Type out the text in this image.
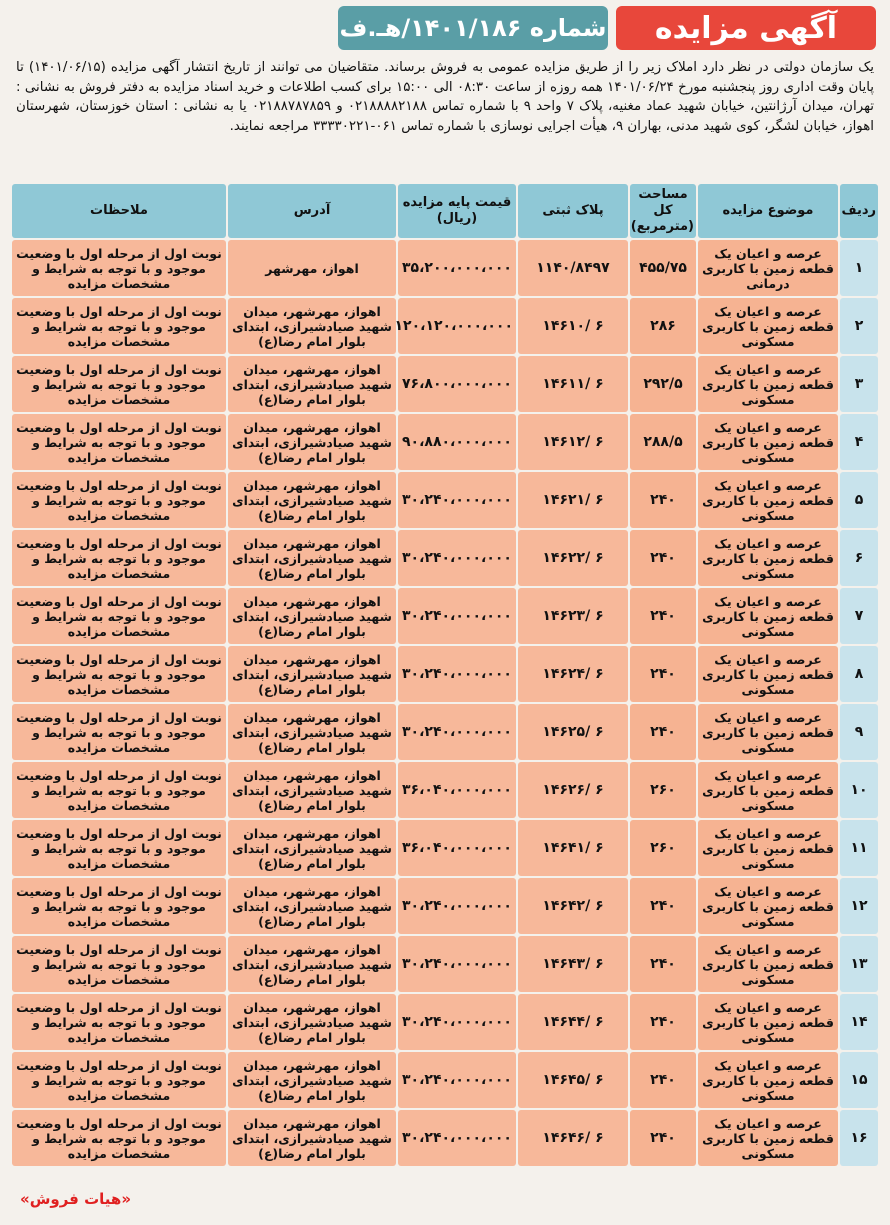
آگهی مزایده
شماره ۱۴۰۱/۱۸۶/هـ.ف
یک سازمان دولتی در نظر دارد املاک زیر را از طریق مزایده عمومی به فروش برساند. متقاضیان می توانند از تاریخ انتشار آگهی مزایده (۱۴۰۱/۰۶/۱۵) تا پایان وقت اداری روز پنجشنبه مورخ ۱۴۰۱/۰۶/۲۴ همه روزه از ساعت ۰۸:۳۰ الی ۱۵:۰۰ برای کسب اطلاعات و خرید اسناد مزایده به دفتر فروش به نشانی : تهران، میدان آرژانتین، خیابان شهید عماد مغنیه، پلاک ۷ واحد ۹ با شماره تماس ۰۲۱۸۸۸۸۲۱۸۸ و ۰۲۱۸۸۷۸۷۸۵۹ یا به نشانی : استان خوزستان، شهرستان اهواز، خیابان لشگر، کوی شهید مدنی، بهاران ۹، هیأت اجرایی نوسازی با شماره تماس ۰۶۱-۳۳۳۳۰۲۲۱ مراجعه نمایند.
ردیف	موضوع مزایده	مساحت کل (مترمربع)	پلاک ثبتی	قیمت پایه مزایده (ریال)	آدرس	ملاحظات
۱	عرصه و اعیان یک قطعه زمین با کاربری درمانی	۴۵۵/۷۵	۱۱۴۰/۸۴۹۷	۳۵،۲۰۰،۰۰۰،۰۰۰	اهواز، مهرشهر	نوبت اول از مرحله اول با وضعیت موجود و با توجه به شرایط و مشخصات مزایده
۲	عرصه و اعیان یک قطعه زمین با کاربری مسکونی	۲۸۶	۶ /۱۴۶۱۰	۱۲۰،۱۲۰،۰۰۰،۰۰۰	اهواز، مهرشهر، میدان شهید صیادشیرازی، ابتدای بلوار امام رضا(ع)	نوبت اول از مرحله اول با وضعیت موجود و با توجه به شرایط و مشخصات مزایده
۳	عرصه و اعیان یک قطعه زمین با کاربری مسکونی	۲۹۲/۵	۶ /۱۴۶۱۱	۷۶،۸۰۰،۰۰۰،۰۰۰	اهواز، مهرشهر، میدان شهید صیادشیرازی، ابتدای بلوار امام رضا(ع)	نوبت اول از مرحله اول با وضعیت موجود و با توجه به شرایط و مشخصات مزایده
۴	عرصه و اعیان یک قطعه زمین با کاربری مسکونی	۲۸۸/۵	۶ /۱۴۶۱۲	۹۰،۸۸۰،۰۰۰،۰۰۰	اهواز، مهرشهر، میدان شهید صیادشیرازی، ابتدای بلوار امام رضا(ع)	نوبت اول از مرحله اول با وضعیت موجود و با توجه به شرایط و مشخصات مزایده
۵	عرصه و اعیان یک قطعه زمین با کاربری مسکونی	۲۴۰	۶ /۱۴۶۲۱	۳۰،۲۴۰،۰۰۰،۰۰۰	اهواز، مهرشهر، میدان شهید صیادشیرازی، ابتدای بلوار امام رضا(ع)	نوبت اول از مرحله اول با وضعیت موجود و با توجه به شرایط و مشخصات مزایده
۶	عرصه و اعیان یک قطعه زمین با کاربری مسکونی	۲۴۰	۶ /۱۴۶۲۲	۳۰،۲۴۰،۰۰۰،۰۰۰	اهواز، مهرشهر، میدان شهید صیادشیرازی، ابتدای بلوار امام رضا(ع)	نوبت اول از مرحله اول با وضعیت موجود و با توجه به شرایط و مشخصات مزایده
۷	عرصه و اعیان یک قطعه زمین با کاربری مسکونی	۲۴۰	۶ /۱۴۶۲۳	۳۰،۲۴۰،۰۰۰،۰۰۰	اهواز، مهرشهر، میدان شهید صیادشیرازی، ابتدای بلوار امام رضا(ع)	نوبت اول از مرحله اول با وضعیت موجود و با توجه به شرایط و مشخصات مزایده
۸	عرصه و اعیان یک قطعه زمین با کاربری مسکونی	۲۴۰	۶ /۱۴۶۲۴	۳۰،۲۴۰،۰۰۰،۰۰۰	اهواز، مهرشهر، میدان شهید صیادشیرازی، ابتدای بلوار امام رضا(ع)	نوبت اول از مرحله اول با وضعیت موجود و با توجه به شرایط و مشخصات مزایده
۹	عرصه و اعیان یک قطعه زمین با کاربری مسکونی	۲۴۰	۶ /۱۴۶۲۵	۳۰،۲۴۰،۰۰۰،۰۰۰	اهواز، مهرشهر، میدان شهید صیادشیرازی، ابتدای بلوار امام رضا(ع)	نوبت اول از مرحله اول با وضعیت موجود و با توجه به شرایط و مشخصات مزایده
۱۰	عرصه و اعیان یک قطعه زمین با کاربری مسکونی	۲۶۰	۶ /۱۴۶۲۶	۳۶،۰۴۰،۰۰۰،۰۰۰	اهواز، مهرشهر، میدان شهید صیادشیرازی، ابتدای بلوار امام رضا(ع)	نوبت اول از مرحله اول با وضعیت موجود و با توجه به شرایط و مشخصات مزایده
۱۱	عرصه و اعیان یک قطعه زمین با کاربری مسکونی	۲۶۰	۶ /۱۴۶۴۱	۳۶،۰۴۰،۰۰۰،۰۰۰	اهواز، مهرشهر، میدان شهید صیادشیرازی، ابتدای بلوار امام رضا(ع)	نوبت اول از مرحله اول با وضعیت موجود و با توجه به شرایط و مشخصات مزایده
۱۲	عرصه و اعیان یک قطعه زمین با کاربری مسکونی	۲۴۰	۶ /۱۴۶۴۲	۳۰،۲۴۰،۰۰۰،۰۰۰	اهواز، مهرشهر، میدان شهید صیادشیرازی، ابتدای بلوار امام رضا(ع)	نوبت اول از مرحله اول با وضعیت موجود و با توجه به شرایط و مشخصات مزایده
۱۳	عرصه و اعیان یک قطعه زمین با کاربری مسکونی	۲۴۰	۶ /۱۴۶۴۳	۳۰،۲۴۰،۰۰۰،۰۰۰	اهواز، مهرشهر، میدان شهید صیادشیرازی، ابتدای بلوار امام رضا(ع)	نوبت اول از مرحله اول با وضعیت موجود و با توجه به شرایط و مشخصات مزایده
۱۴	عرصه و اعیان یک قطعه زمین با کاربری مسکونی	۲۴۰	۶ /۱۴۶۴۴	۳۰،۲۴۰،۰۰۰،۰۰۰	اهواز، مهرشهر، میدان شهید صیادشیرازی، ابتدای بلوار امام رضا(ع)	نوبت اول از مرحله اول با وضعیت موجود و با توجه به شرایط و مشخصات مزایده
۱۵	عرصه و اعیان یک قطعه زمین با کاربری مسکونی	۲۴۰	۶ /۱۴۶۴۵	۳۰،۲۴۰،۰۰۰،۰۰۰	اهواز، مهرشهر، میدان شهید صیادشیرازی، ابتدای بلوار امام رضا(ع)	نوبت اول از مرحله اول با وضعیت موجود و با توجه به شرایط و مشخصات مزایده
۱۶	عرصه و اعیان یک قطعه زمین با کاربری مسکونی	۲۴۰	۶ /۱۴۶۴۶	۳۰،۲۴۰،۰۰۰،۰۰۰	اهواز، مهرشهر، میدان شهید صیادشیرازی، ابتدای بلوار امام رضا(ع)	نوبت اول از مرحله اول با وضعیت موجود و با توجه به شرایط و مشخصات مزایده
«هیات فروش»
